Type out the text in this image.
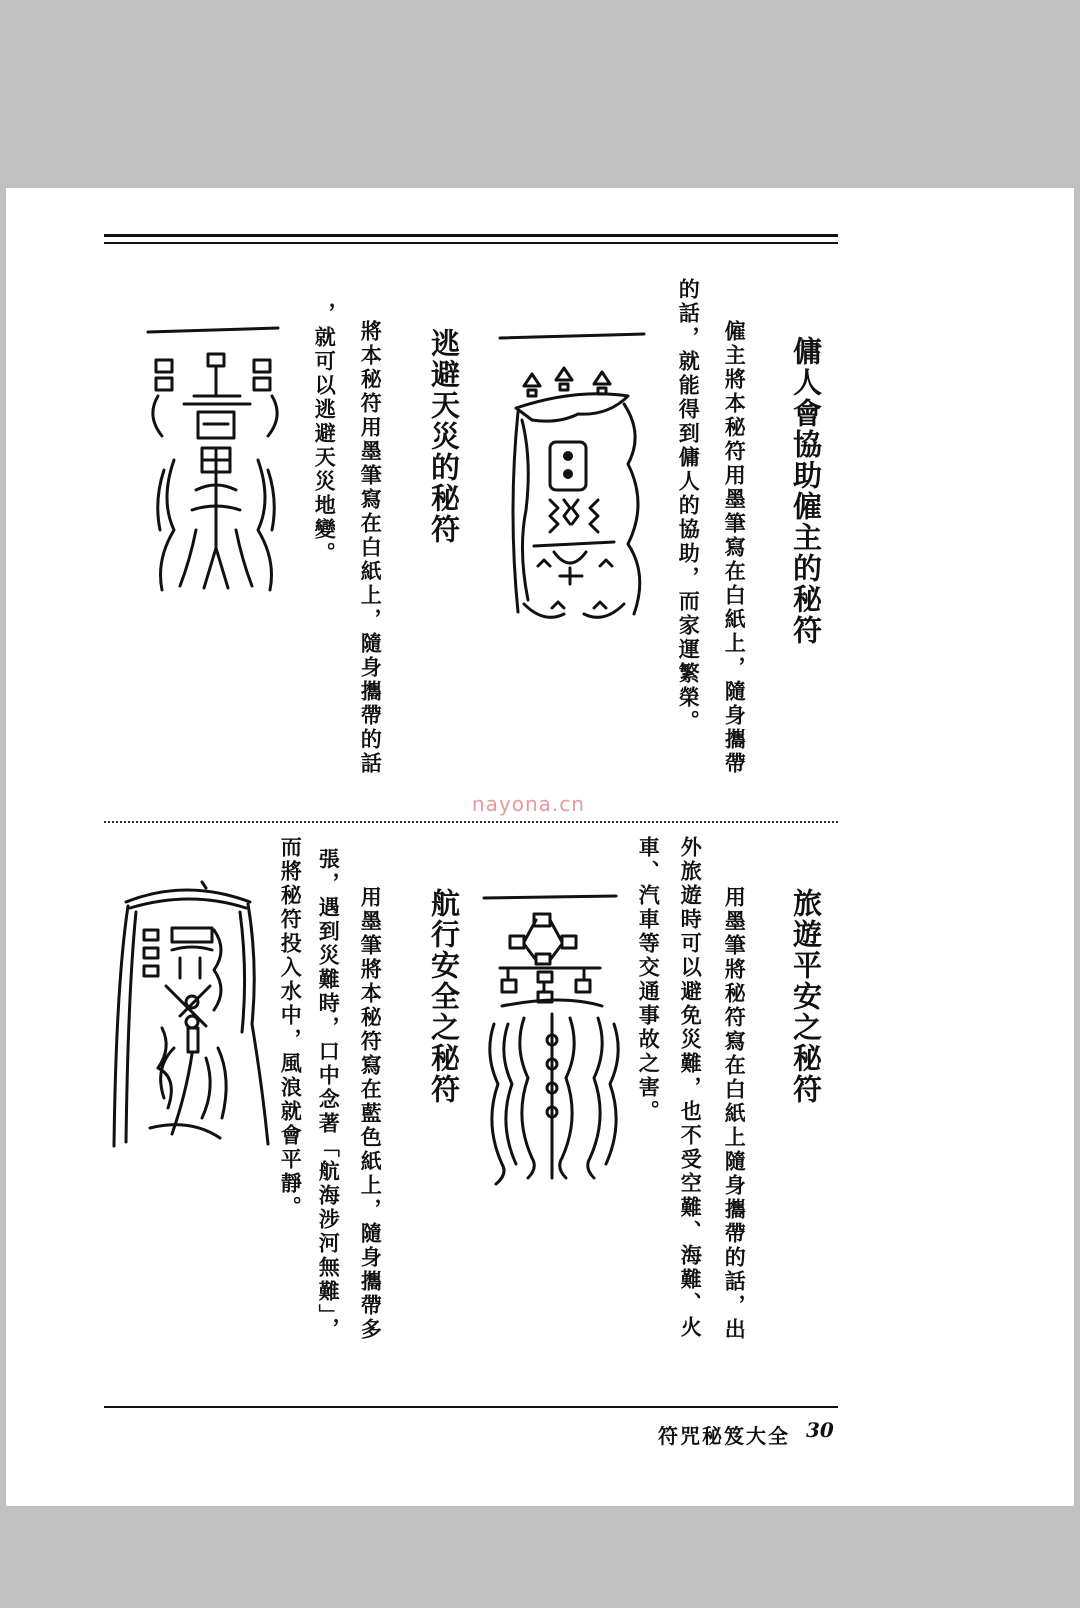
傭人會協助僱主的秘符
僱主將本秘符用墨筆寫在白紙上，隨身攜帶
的話，就能得到傭人的協助，而家運繁榮。
逃避天災的秘符
將本秘符用墨筆寫在白紙上，隨身攜帶的話
，就可以逃避天災地變。
nayona.cn
旅遊平安之秘符
用墨筆將秘符寫在白紙上隨身攜帶的話，出
外旅遊時可以避免災難，也不受空難、海難、火
車、汽車等交通事故之害。
航行安全之秘符
用墨筆將本秘符寫在藍色紙上，隨身攜帶多
張，遇到災難時，口中念著「航海涉河無難」，
而將秘符投入水中，風浪就會平靜。
符咒秘笈大全 30
